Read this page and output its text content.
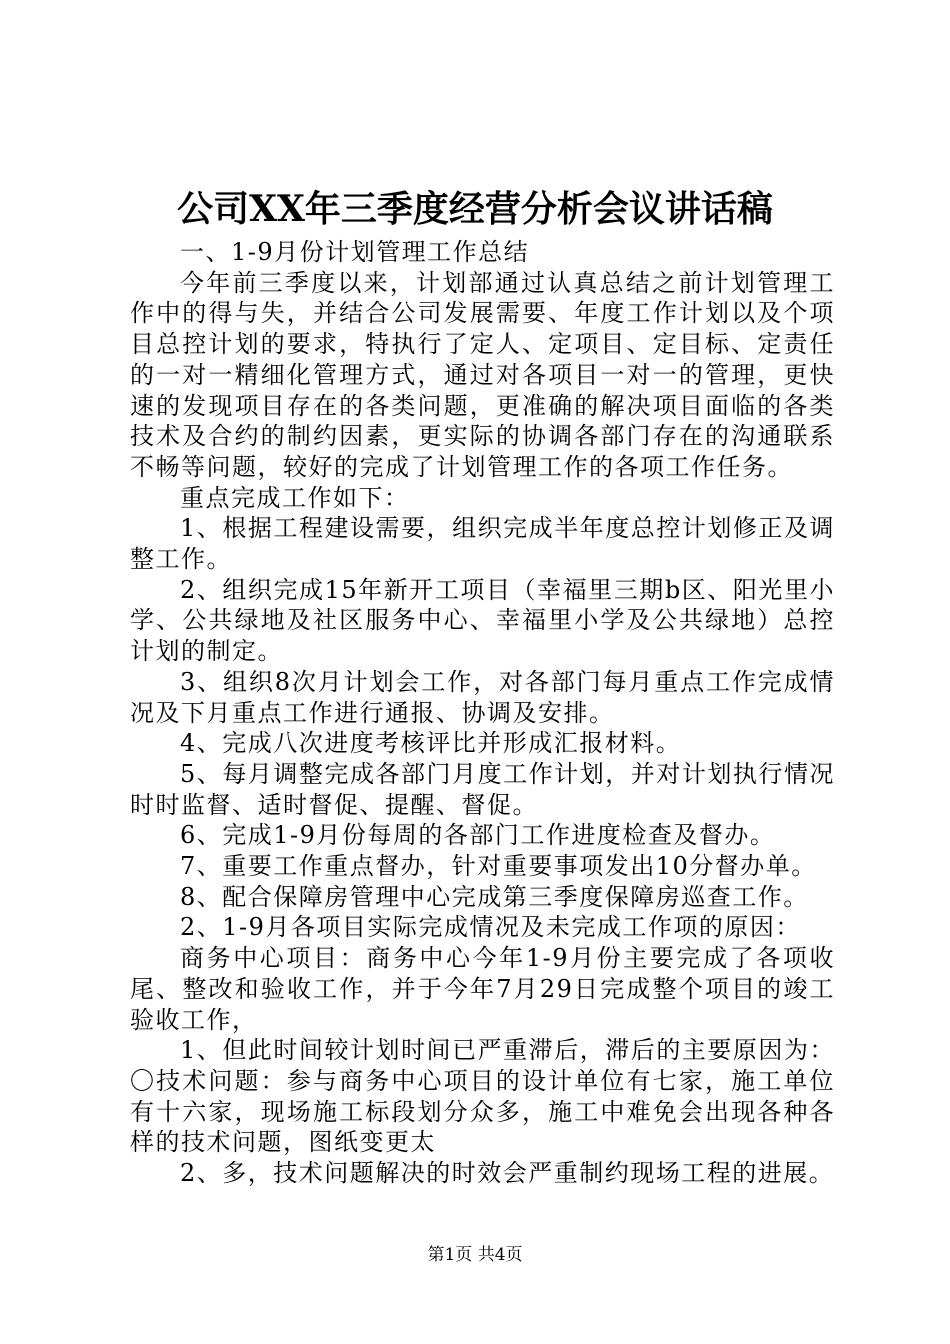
公司XX年三季度经营分析会议讲话稿

一、1-9月份计划管理工作总结

今年前三季度以来，计划部通过认真总结之前计划管理工作中的得与失，并结合公司发展需要、年度工作计划以及个项目总控计划的要求，特执行了定人、定项目、定目标、定责任的一对一精细化管理方式，通过对各项目一对一的管理，更快速的发现项目存在的各类问题，更准确的解决项目面临的各类技术及合约的制约因素，更实际的协调各部门存在的沟通联系不畅等问题，较好的完成了计划管理工作的各项工作任务。

重点完成工作如下：

1、根据工程建设需要，组织完成半年度总控计划修正及调整工作。

2、组织完成15年新开工项目（幸福里三期b区、阳光里小学、公共绿地及社区服务中心、幸福里小学及公共绿地）总控计划的制定。

3、组织8次月计划会工作，对各部门每月重点工作完成情况及下月重点工作进行通报、协调及安排。

4、完成八次进度考核评比并形成汇报材料。

5、每月调整完成各部门月度工作计划，并对计划执行情况时时监督、适时督促、提醒、督促。

6、完成1-9月份每周的各部门工作进度检查及督办。

7、重要工作重点督办，针对重要事项发出10分督办单。

8、配合保障房管理中心完成第三季度保障房巡查工作。

2、1-9月各项目实际完成情况及未完成工作项的原因：

商务中心项目：商务中心今年1-9月份主要完成了各项收尾、整改和验收工作，并于今年7月29日完成整个项目的竣工验收工作，

1、但此时间较计划时间已严重滞后，滞后的主要原因为：〇技术问题：参与商务中心项目的设计单位有七家，施工单位有十六家，现场施工标段划分众多，施工中难免会出现各种各样的技术问题，图纸变更太

2、多，技术问题解决的时效会严重制约现场工程的进展。

第1页 共4页
